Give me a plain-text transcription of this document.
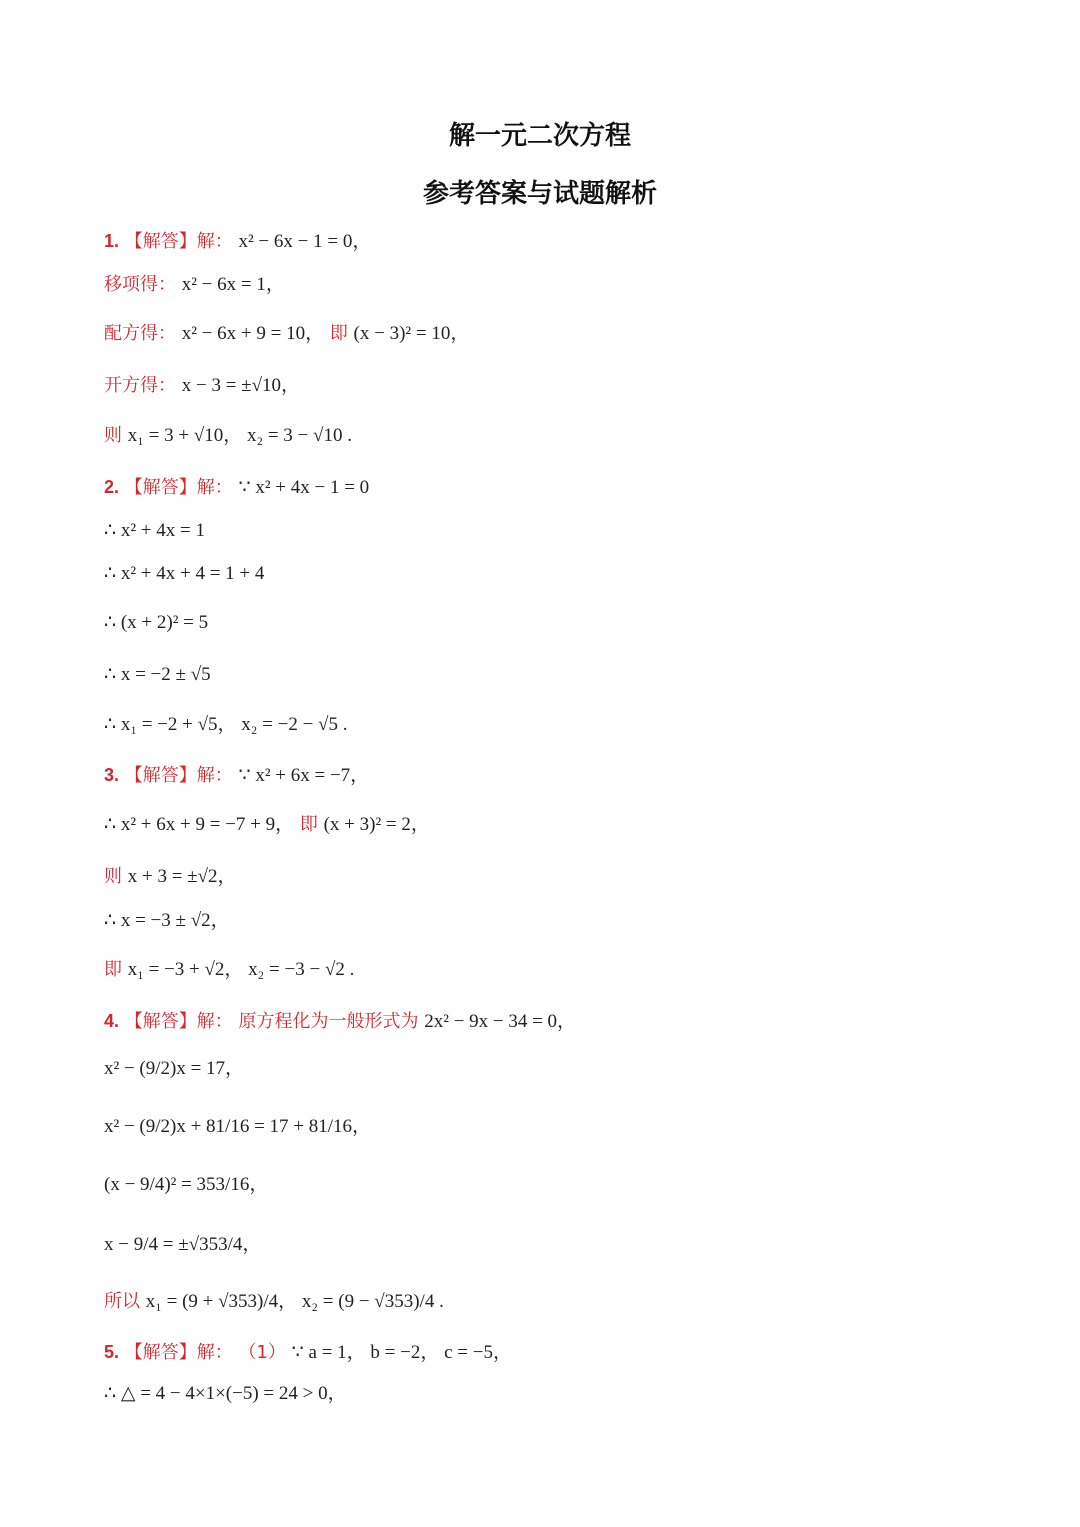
解一元二次方程
参考答案与试题解析
1. 【解答】解： x² − 6x − 1 = 0，
移项得： x² − 6x = 1，
配方得： x² − 6x + 9 = 10， 即 (x − 3)² = 10，
开方得： x − 3 = ±√10，
则 x₁ = 3 + √10， x₂ = 3 − √10 .
2. 【解答】解： ∵ x² + 4x − 1 = 0
∴ x² + 4x = 1
∴ x² + 4x + 4 = 1 + 4
∴ (x + 2)² = 5
∴ x = −2 ± √5
∴ x₁ = −2 + √5， x₂ = −2 − √5 .
3. 【解答】解： ∵ x² + 6x = −7，
∴ x² + 6x + 9 = −7 + 9， 即 (x + 3)² = 2，
则 x + 3 = ±√2，
∴ x = −3 ± √2，
即 x₁ = −3 + √2， x₂ = −3 − √2 .
4. 【解答】解： 原方程化为一般形式为 2x² − 9x − 34 = 0，
x² − (9/2)x = 17，
x² − (9/2)x + 81/16 = 17 + 81/16，
(x − 9/4)² = 353/16，
x − 9/4 = ±√353/4，
所以 x₁ = (9 + √353)/4， x₂ = (9 − √353)/4 .
5. 【解答】解： （1） ∵ a = 1， b = −2， c = −5，
∴ △ = 4 − 4×1×(−5) = 24 > 0，
